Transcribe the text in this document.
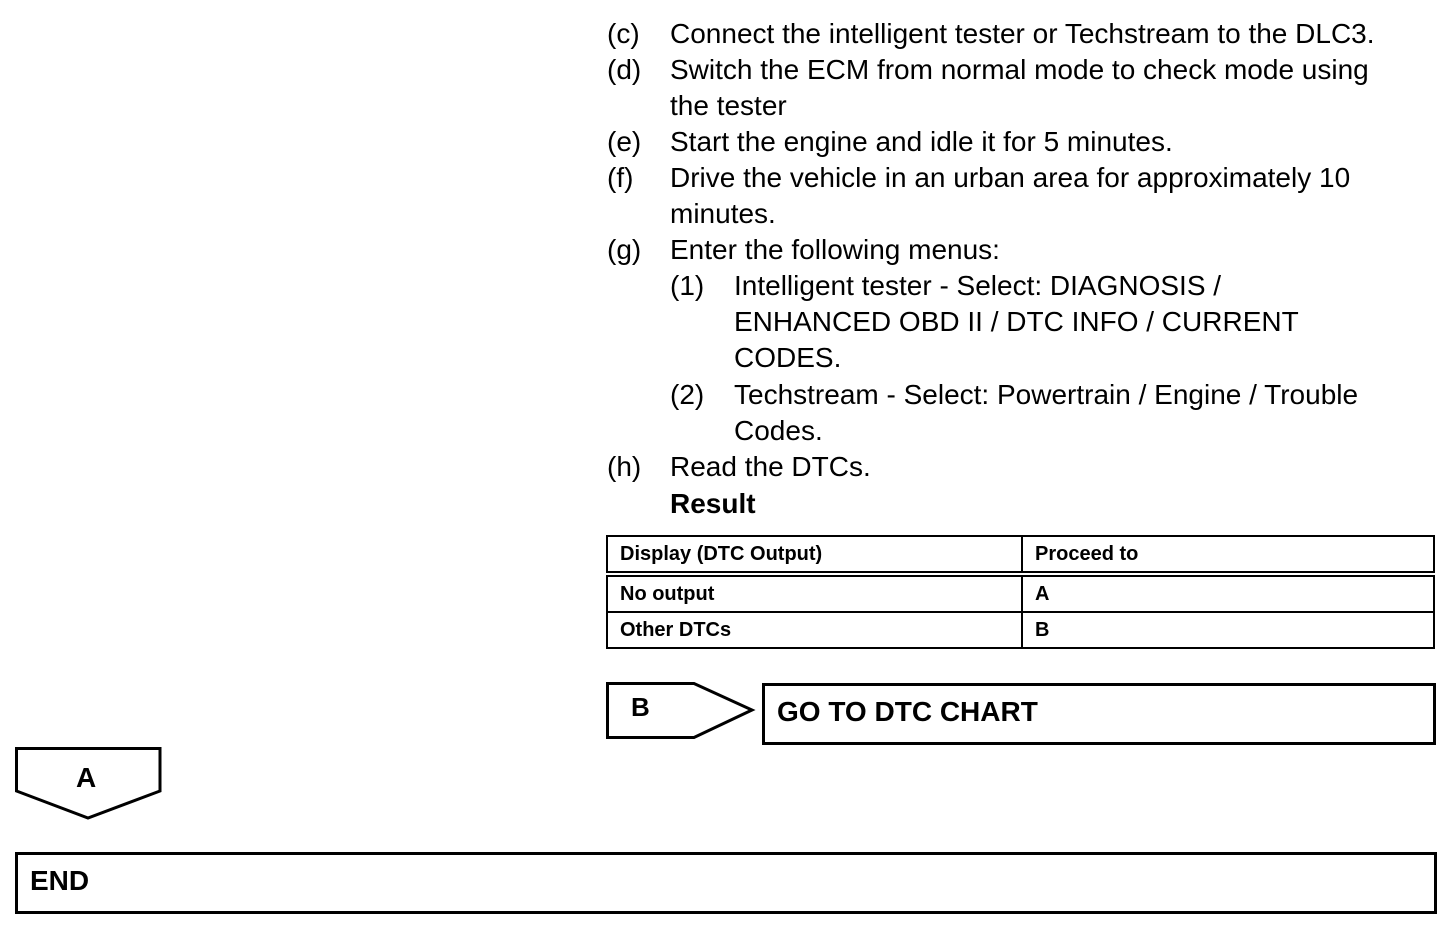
(c) Connect the intelligent tester or Techstream to the DLC3.
(d) Switch the ECM from normal mode to check mode using
the tester
(e) Start the engine and idle it for 5 minutes.
(f) Drive the vehicle in an urban area for approximately 10
minutes.
(g) Enter the following menus:
(1) Intelligent tester - Select: DIAGNOSIS /
ENHANCED OBD II / DTC INFO / CURRENT
CODES.
(2) Techstream - Select: Powertrain / Engine / Trouble
Codes.
(h) Read the DTCs.
Result
Display (DTC Output)	Proceed to
No output	A
Other DTCs	B
B	GO TO DTC CHART
A
END
